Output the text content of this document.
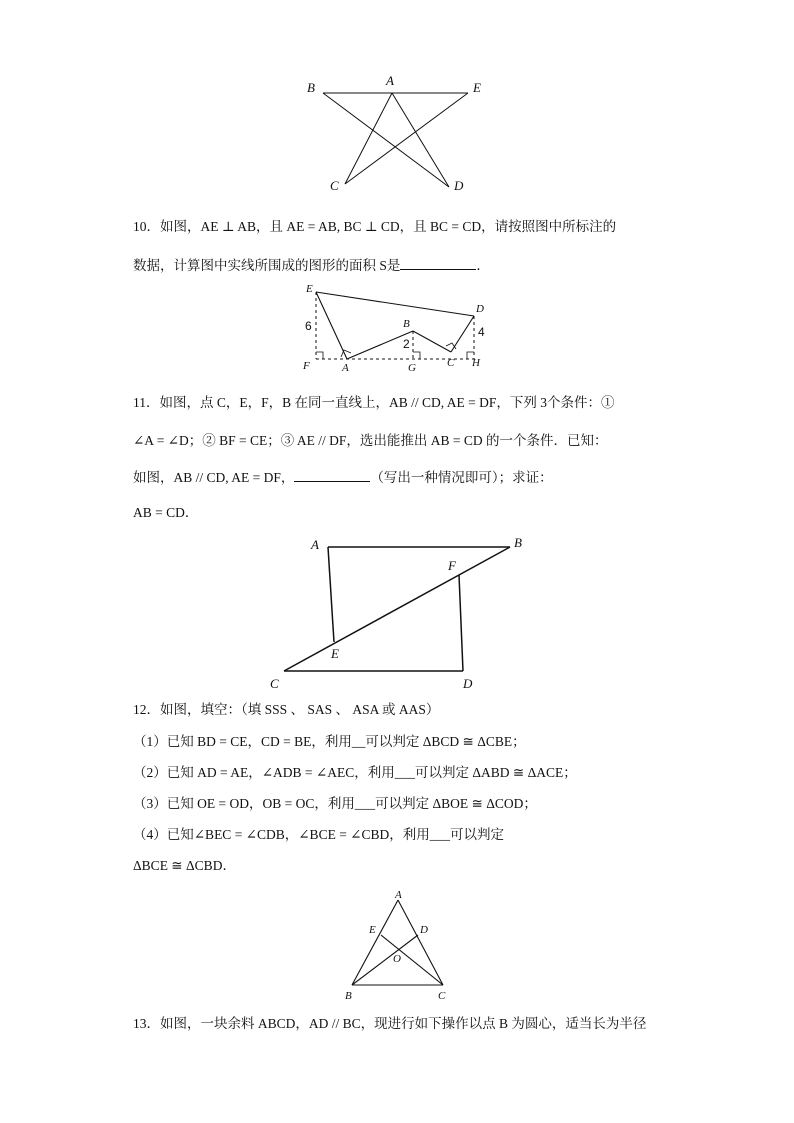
B	A	E
C	D
10．如图，AE ⊥ AB，且 AE = AB, BC ⊥ CD，且 BC = CD，请按照图中所标注的
数据，计算图中实线所围成的图形的面积 S是	．
E
D
B
F	A	G	C H
6	4
2
11．如图，点 C，E，F，B 在同一直线上，AB // CD, AE = DF，下列 3个条件：①
∠A = ∠D；② BF = CE；③ AE // DF，选出能推出 AB = CD 的一个条件．已知：
如图，AB // CD, AE = DF，	（写出一种情况即可）；求证：
AB = CD．
A	B
F
E
C	D
12．如图，填空：（填 SSS 、 SAS 、 ASA 或 AAS）
（1）已知 BD = CE，CD = BE，利用__可以判定 ΔBCD ≅ ΔCBE；
（2）已知 AD = AE，∠ADB = ∠AEC，利用___可以判定 ΔABD ≅ ΔACE；
（3）已知 OE = OD，OB = OC，利用___可以判定 ΔBOE ≅ ΔCOD；
（4）已知∠BEC = ∠CDB，∠BCE = ∠CBD，利用___可以判定
ΔBCE ≅ ΔCBD．
A
E	D
O
B	C
13．如图，一块余料 ABCD，AD // BC，现进行如下操作以点 B 为圆心，适当长为半径
